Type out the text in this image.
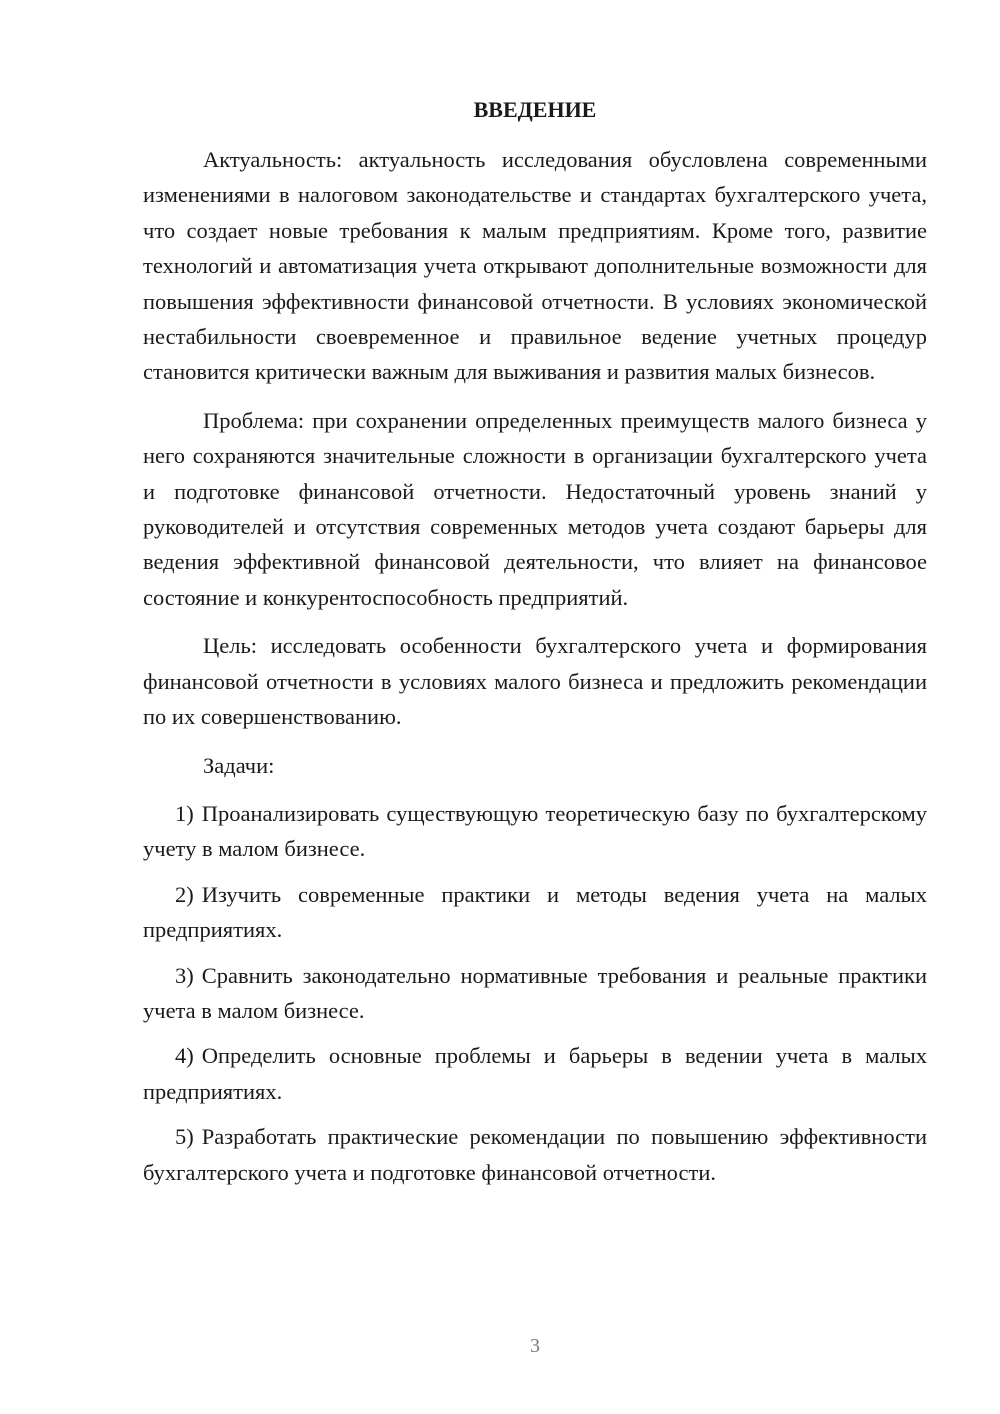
ВВЕДЕНИЕ

Актуальность: актуальность исследования обусловлена современными изменениями в налоговом законодательстве и стандартах бухгалтерского учета, что создает новые требования к малым предприятиям. Кроме того, развитие технологий и автоматизация учета открывают дополнительные возможности для повышения эффективности финансовой отчетности. В условиях экономической нестабильности своевременное и правильное ведение учетных процедур становится критически важным для выживания и развития малых бизнесов.

Проблема: при сохранении определенных преимуществ малого бизнеса у него сохраняются значительные сложности в организации бухгалтерского учета и подготовке финансовой отчетности. Недостаточный уровень знаний у руководителей и отсутствия современных методов учета создают барьеры для ведения эффективной финансовой деятельности, что влияет на финансовое состояние и конкурентоспособность предприятий.

Цель: исследовать особенности бухгалтерского учета и формирования финансовой отчетности в условиях малого бизнеса и предложить рекомендации по их совершенствованию.

Задачи:

1) Проанализировать существующую теоретическую базу по бухгалтерскому учету в малом бизнесе.

2) Изучить современные практики и методы ведения учета на малых предприятиях.

3) Сравнить законодательно нормативные требования и реальные практики учета в малом бизнесе.

4) Определить основные проблемы и барьеры в ведении учета в малых предприятиях.

5) Разработать практические рекомендации по повышению эффективности бухгалтерского учета и подготовке финансовой отчетности.

3
